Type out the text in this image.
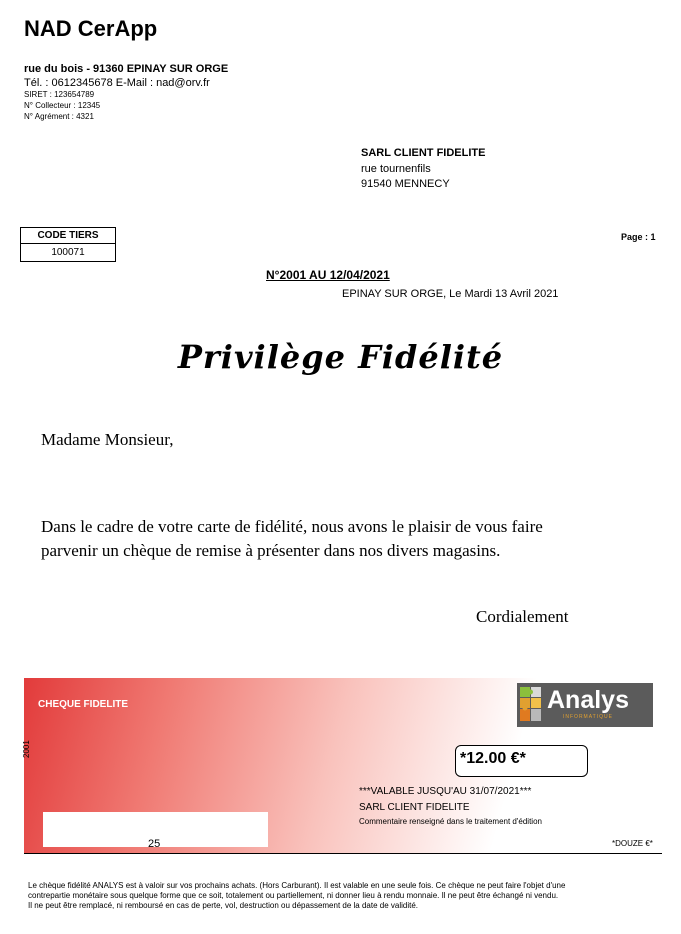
NAD CerApp
rue du bois - 91360 EPINAY SUR ORGE
Tél. : 0612345678 E-Mail : nad@orv.fr
SIRET : 123654789
N° Collecteur : 12345
N° Agrément : 4321
SARL CLIENT FIDELITE
rue tournenfils
91540 MENNECY
CODE TIERS
100071
Page : 1
N°2001 AU 12/04/2021
EPINAY SUR ORGE, Le Mardi 13 Avril 2021
Privilège Fidélité
Madame Monsieur,
Dans le cadre de votre carte de fidélité, nous avons le plaisir de vous faire
parvenir un chèque de remise à présenter dans nos divers magasins.
Cordialement
CHEQUE FIDELITE
2001
Analys
INFORMATIQUE
*12.00 €*
***VALABLE JUSQU'AU 31/07/2021***
SARL CLIENT FIDELITE
Commentaire renseigné dans le traitement d'édition
25	*DOUZE €*
Le chèque fidélité ANALYS est à valoir sur vos prochains achats. (Hors Carburant). Il est valable en une seule fois. Ce chèque ne peut faire l'objet d'une
contrepartie monétaire sous quelque forme que ce soit, totalement ou partiellement, ni donner lieu à rendu monnaie. Il ne peut être échangé ni vendu.
Il ne peut être remplacé, ni remboursé en cas de perte, vol, destruction ou dépassement de la date de validité.
